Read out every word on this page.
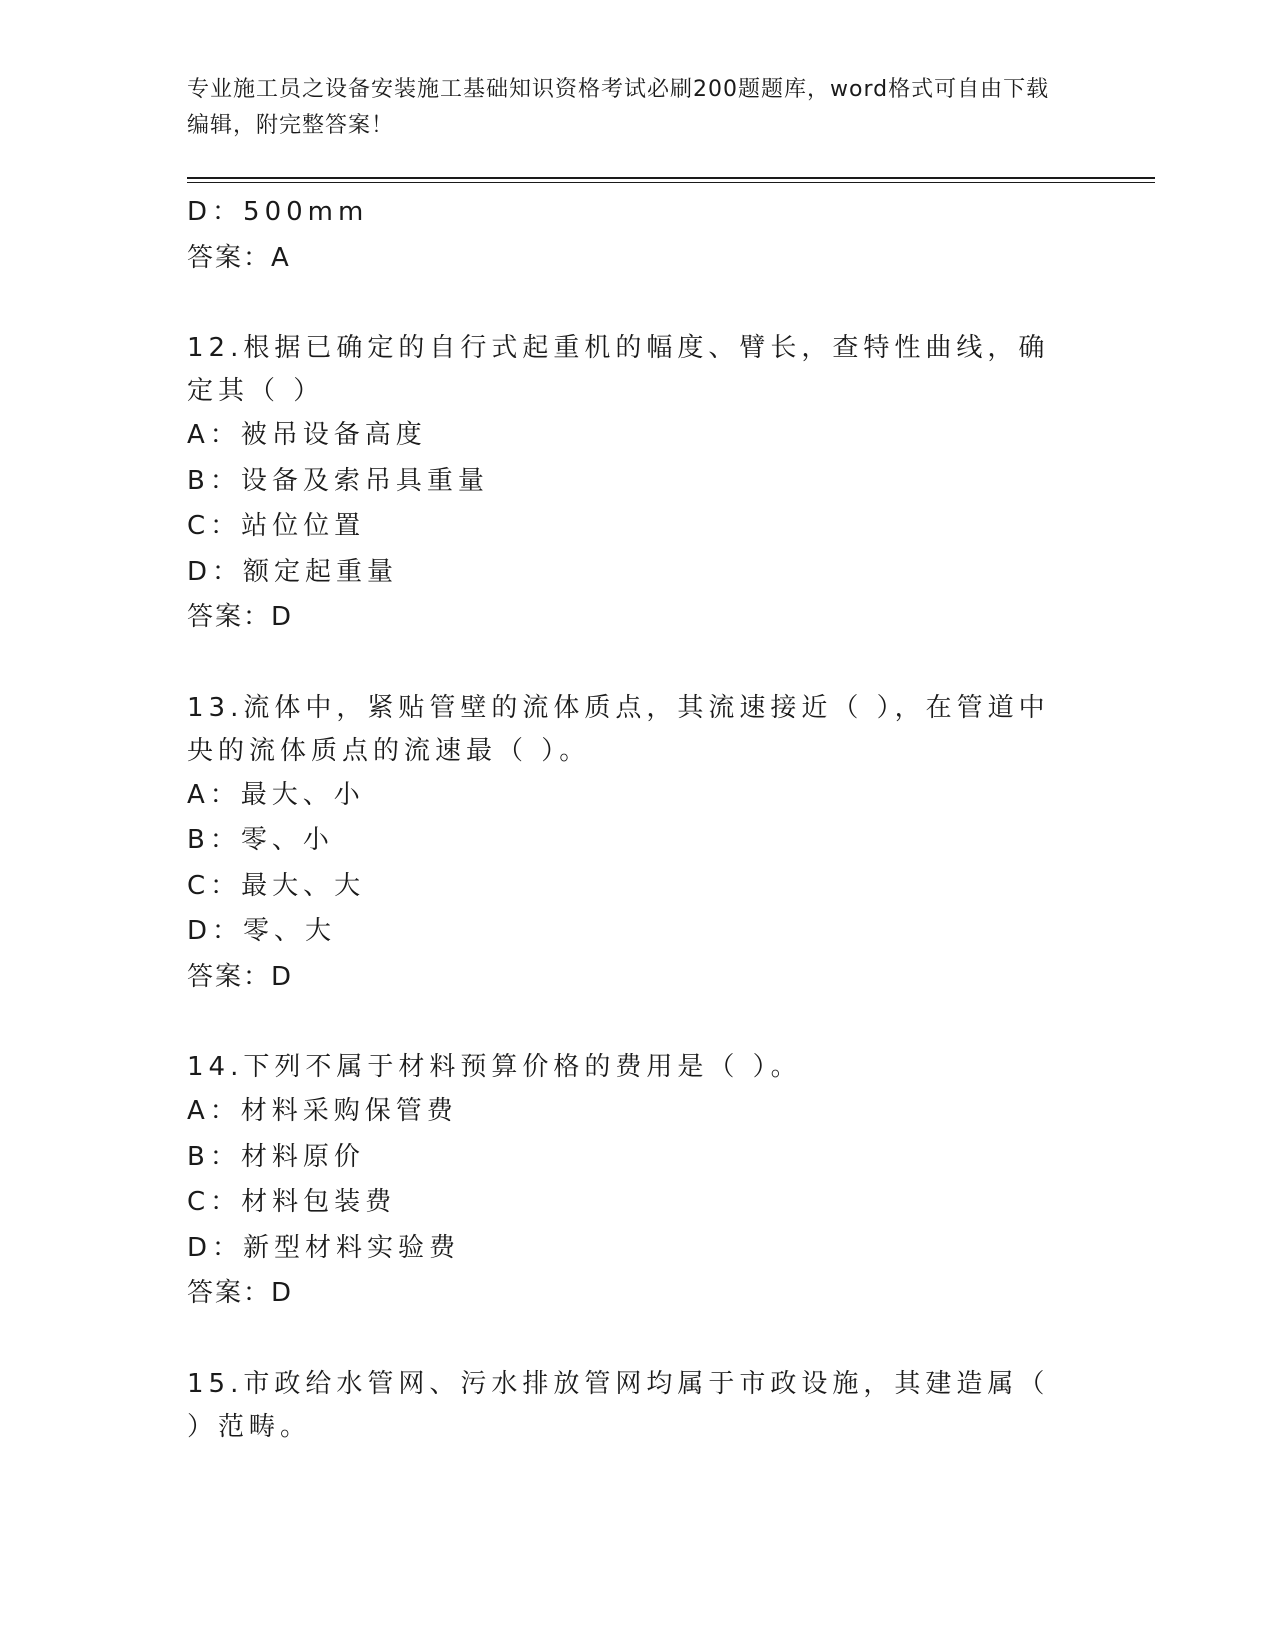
专业施工员之设备安装施工基础知识资格考试必刷200题题库，word格式可自由下载编辑，附完整答案！
D：500mm
答案：A
12.根据已确定的自行式起重机的幅度、臂长，查特性曲线，确定其（ ）
A：被吊设备高度
B：设备及索吊具重量
C：站位位置
D：额定起重量
答案：D
13.流体中，紧贴管壁的流体质点，其流速接近（ ），在管道中央的流体质点的流速最（ ）。
A：最大、小
B：零、小
C：最大、大
D：零、大
答案：D
14.下列不属于材料预算价格的费用是（ ）。
A：材料采购保管费
B：材料原价
C：材料包装费
D：新型材料实验费
答案：D
15.市政给水管网、污水排放管网均属于市政设施，其建造属（ ）范畴。
